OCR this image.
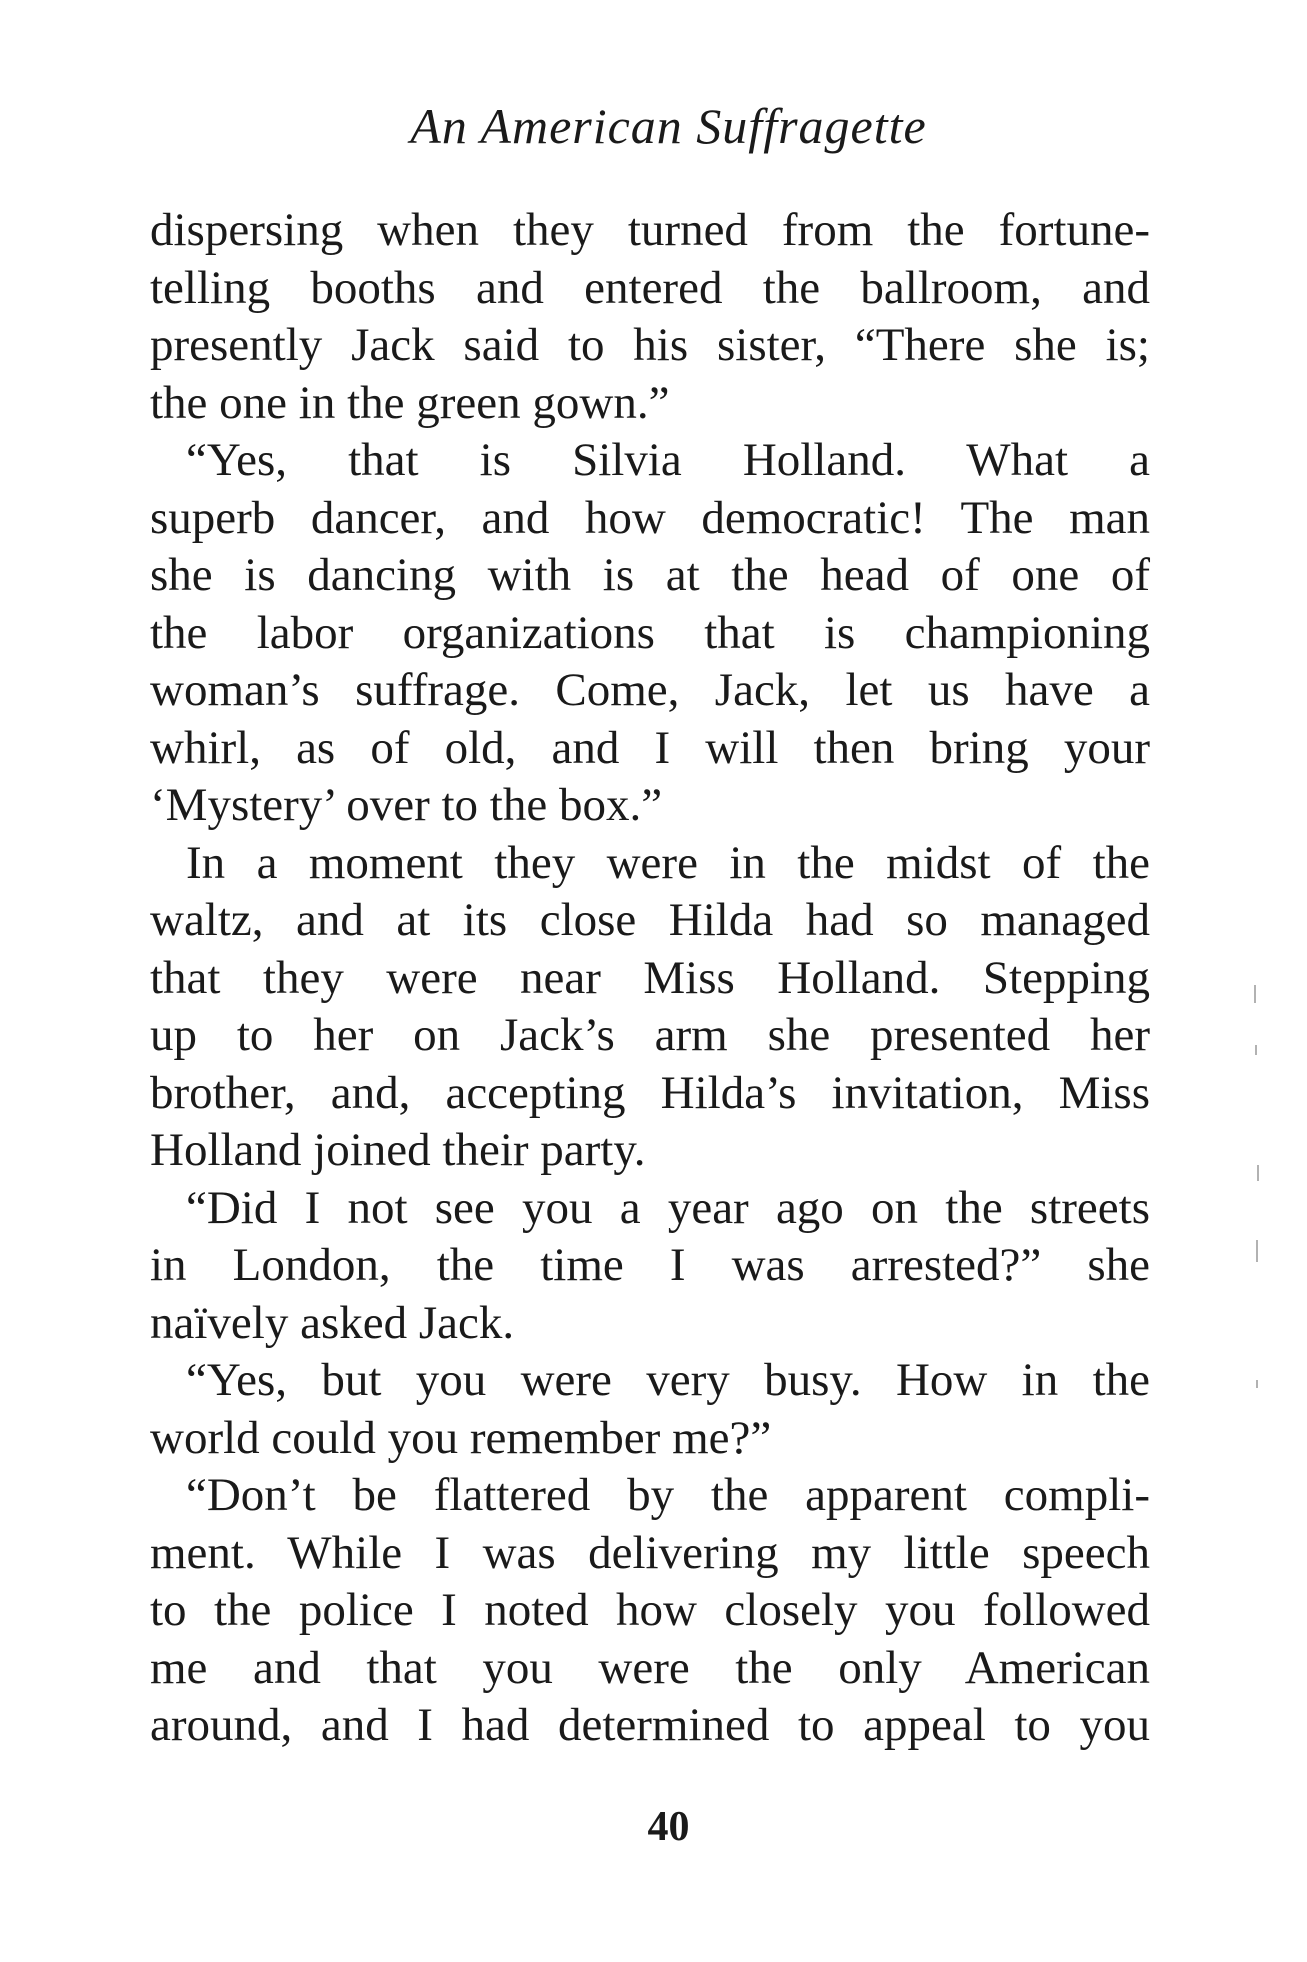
An American Suffragette
dispersing when they turned from the fortune-
telling booths and entered the ballroom, and
presently Jack said to his sister, “There she is;
the one in the green gown.”
“Yes, that is Silvia Holland. What a
superb dancer, and how democratic! The man
she is dancing with is at the head of one of
the labor organizations that is championing
woman’s suffrage. Come, Jack, let us have a
whirl, as of old, and I will then bring your
‘Mystery’ over to the box.”
In a moment they were in the midst of the
waltz, and at its close Hilda had so managed
that they were near Miss Holland. Stepping
up to her on Jack’s arm she presented her
brother, and, accepting Hilda’s invitation, Miss
Holland joined their party.
“Did I not see you a year ago on the streets
in London, the time I was arrested?” she
naïvely asked Jack.
“Yes, but you were very busy. How in the
world could you remember me?”
“Don’t be flattered by the apparent compli-
ment. While I was delivering my little speech
to the police I noted how closely you followed
me and that you were the only American
around, and I had determined to appeal to you
40
